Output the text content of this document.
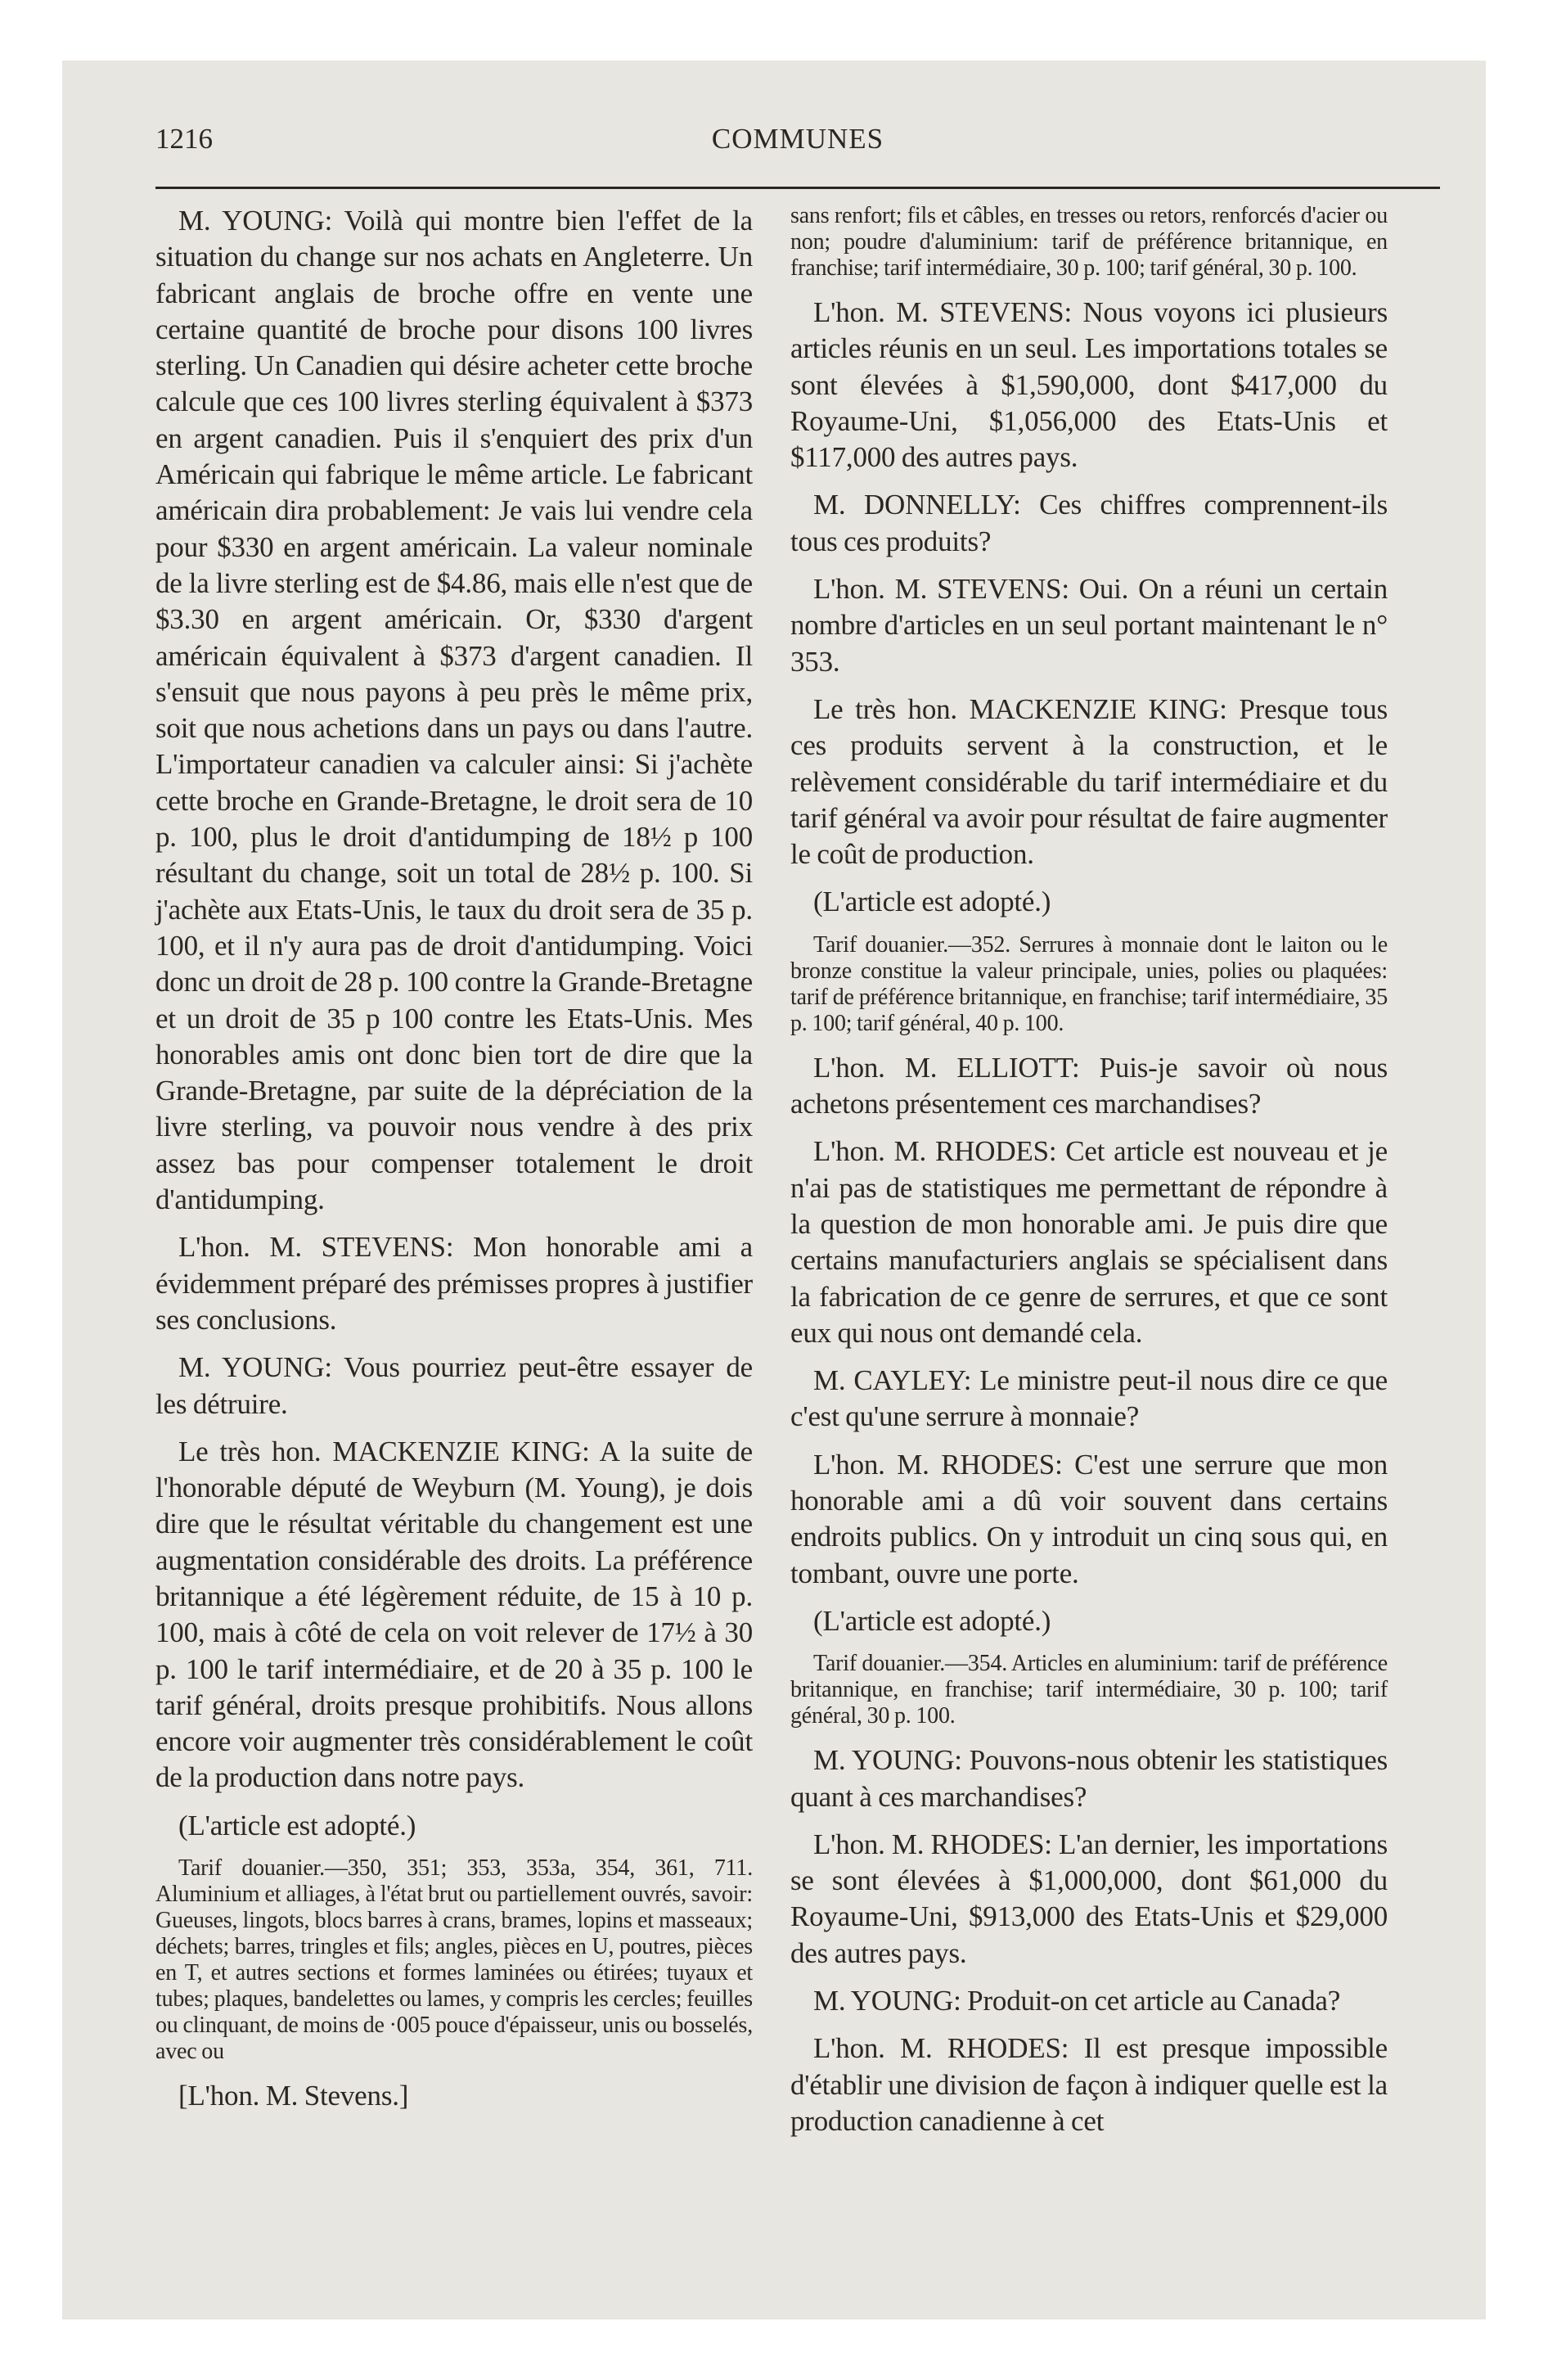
1216	COMMUNES

M. YOUNG: Voilà qui montre bien l'effet de la situation du change sur nos achats en Angleterre. Un fabricant anglais de broche offre en vente une certaine quantité de broche pour disons 100 livres sterling. Un Canadien qui désire acheter cette broche calcule que ces 100 livres sterling équivalent à $373 en argent canadien. Puis il s'enquiert des prix d'un Américain qui fabrique le même article. Le fabricant américain dira probablement: Je vais lui vendre cela pour $330 en argent américain. La valeur nominale de la livre sterling est de $4.86, mais elle n'est que de $3.30 en argent américain. Or, $330 d'argent américain équivalent à $373 d'argent canadien. Il s'ensuit que nous payons à peu près le même prix, soit que nous achetions dans un pays ou dans l'autre. L'importateur canadien va calculer ainsi: Si j'achète cette broche en Grande-Bretagne, le droit sera de 10 p. 100, plus le droit d'antidumping de 18½ p 100 résultant du change, soit un total de 28½ p. 100. Si j'achète aux Etats-Unis, le taux du droit sera de 35 p. 100, et il n'y aura pas de droit d'antidumping. Voici donc un droit de 28 p. 100 contre la Grande-Bretagne et un droit de 35 p 100 contre les Etats-Unis. Mes honorables amis ont donc bien tort de dire que la Grande-Bretagne, par suite de la dépréciation de la livre sterling, va pouvoir nous vendre à des prix assez bas pour compenser totalement le droit d'antidumping.

L'hon. M. STEVENS: Mon honorable ami a évidemment préparé des prémisses propres à justifier ses conclusions.

M. YOUNG: Vous pourriez peut-être essayer de les détruire.

Le très hon. MACKENZIE KING: A la suite de l'honorable député de Weyburn (M. Young), je dois dire que le résultat véritable du changement est une augmentation considérable des droits. La préférence britannique a été légèrement réduite, de 15 à 10 p. 100, mais à côté de cela on voit relever de 17½ à 30 p. 100 le tarif intermédiaire, et de 20 à 35 p. 100 le tarif général, droits presque prohibitifs. Nous allons encore voir augmenter très considérablement le coût de la production dans notre pays.

(L'article est adopté.)

Tarif douanier.—350, 351; 353, 353a, 354, 361, 711. Aluminium et alliages, à l'état brut ou partiellement ouvrés, savoir: Gueuses, lingots, blocs barres à crans, brames, lopins et masseaux; déchets; barres, tringles et fils; angles, pièces en U, poutres, pièces en T, et autres sections et formes laminées ou étirées; tuyaux et tubes; plaques, bandelettes ou lames, y compris les cercles; feuilles ou clinquant, de moins de ·005 pouce d'épaisseur, unis ou bosselés, avec ou

[L'hon. M. Stevens.]

sans renfort; fils et câbles, en tresses ou retors, renforcés d'acier ou non; poudre d'aluminium: tarif de préférence britannique, en franchise; tarif intermédiaire, 30 p. 100; tarif général, 30 p. 100.

L'hon. M. STEVENS: Nous voyons ici plusieurs articles réunis en un seul. Les importations totales se sont élevées à $1,590,000, dont $417,000 du Royaume-Uni, $1,056,000 des Etats-Unis et $117,000 des autres pays.

M. DONNELLY: Ces chiffres comprennent-ils tous ces produits?

L'hon. M. STEVENS: Oui. On a réuni un certain nombre d'articles en un seul portant maintenant le n° 353.

Le très hon. MACKENZIE KING: Presque tous ces produits servent à la construction, et le relèvement considérable du tarif intermédiaire et du tarif général va avoir pour résultat de faire augmenter le coût de production.

(L'article est adopté.)

Tarif douanier.—352. Serrures à monnaie dont le laiton ou le bronze constitue la valeur principale, unies, polies ou plaquées: tarif de préférence britannique, en franchise; tarif intermédiaire, 35 p. 100; tarif général, 40 p. 100.

L'hon. M. ELLIOTT: Puis-je savoir où nous achetons présentement ces marchandises?

L'hon. M. RHODES: Cet article est nouveau et je n'ai pas de statistiques me permettant de répondre à la question de mon honorable ami. Je puis dire que certains manufacturiers anglais se spécialisent dans la fabrication de ce genre de serrures, et que ce sont eux qui nous ont demandé cela.

M. CAYLEY: Le ministre peut-il nous dire ce que c'est qu'une serrure à monnaie?

L'hon. M. RHODES: C'est une serrure que mon honorable ami a dû voir souvent dans certains endroits publics. On y introduit un cinq sous qui, en tombant, ouvre une porte.

(L'article est adopté.)

Tarif douanier.—354. Articles en aluminium: tarif de préférence britannique, en franchise; tarif intermédiaire, 30 p. 100; tarif général, 30 p. 100.

M. YOUNG: Pouvons-nous obtenir les statistiques quant à ces marchandises?

L'hon. M. RHODES: L'an dernier, les importations se sont élevées à $1,000,000, dont $61,000 du Royaume-Uni, $913,000 des Etats-Unis et $29,000 des autres pays.

M. YOUNG: Produit-on cet article au Canada?

L'hon. M. RHODES: Il est presque impossible d'établir une division de façon à indiquer quelle est la production canadienne à cet
